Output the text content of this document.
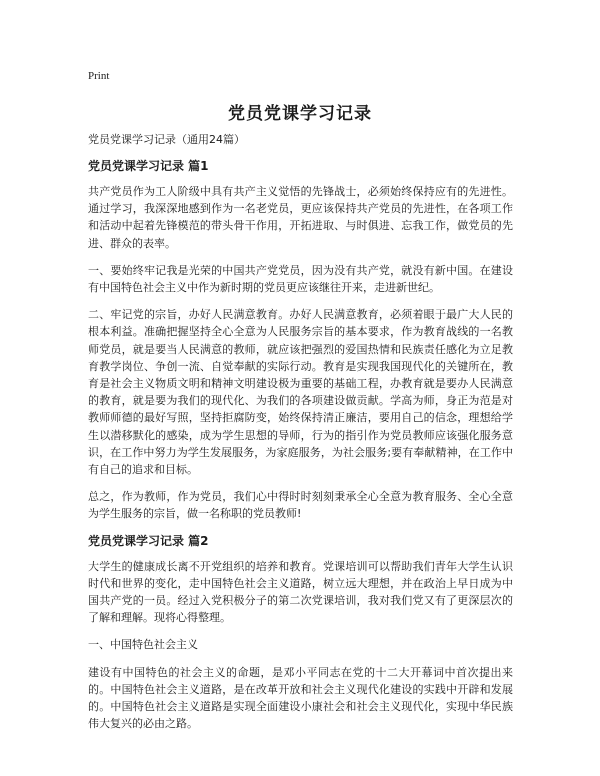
Print
党员党课学习记录
党员党课学习记录（通用24篇）
党员党课学习记录 篇1

共产党员作为工人阶级中具有共产主义觉悟的先锋战士，必须始终保持应有的先进性。通过学习，我深深地感到作为一名老党员，更应该保持共产党员的先进性，在各项工作和活动中起着先锋模范的带头骨干作用，开拓进取、与时俱进、忘我工作，做党员的先进、群众的表率。

一、要始终牢记我是光荣的中国共产党党员，因为没有共产党，就没有新中国。在建设有中国特色社会主义中作为新时期的党员更应该继往开来，走进新世纪。

二、牢记党的宗旨，办好人民满意教育。办好人民满意教育，必须着眼于最广大人民的根本利益。准确把握坚持全心全意为人民服务宗旨的基本要求，作为教育战线的一名教师党员，就是要当人民满意的教师，就应该把强烈的爱国热情和民族责任感化为立足教育教学岗位、争创一流、自觉奉献的实际行动。教育是实现我国现代化的关键所在，教育是社会主义物质文明和精神文明建设极为重要的基础工程，办教育就是要办人民满意的教育，就是要为我们的现代化、为我们的各项建设做贡献。学高为师，身正为范是对教师师德的最好写照，坚持拒腐防变，始终保持清正廉洁，要用自己的信念，理想给学生以潜移默化的感染，成为学生思想的导师，行为的指引作为党员教师应该强化服务意识，在工作中努力为学生发展服务，为家庭服务，为社会服务;要有奉献精神，在工作中有自己的追求和目标。

总之，作为教师，作为党员，我们心中得时时刻刻秉承全心全意为教育服务、全心全意为学生服务的宗旨，做一名称职的党员教师!

党员党课学习记录 篇2

大学生的健康成长离不开党组织的培养和教育。党课培训可以帮助我们青年大学生认识时代和世界的变化，走中国特色社会主义道路，树立远大理想，并在政治上早日成为中国共产党的一员。经过入党积极分子的第二次党课培训，我对我们党又有了更深层次的了解和理解。现将心得整理。

一、中国特色社会主义

建设有中国特色的社会主义的命题，是邓小平同志在党的十二大开幕词中首次提出来的。中国特色社会主义道路，是在改革开放和社会主义现代化建设的实践中开辟和发展的。中国特色社会主义道路是实现全面建设小康社会和社会主义现代化，实现中华民族伟大复兴的必由之路。
